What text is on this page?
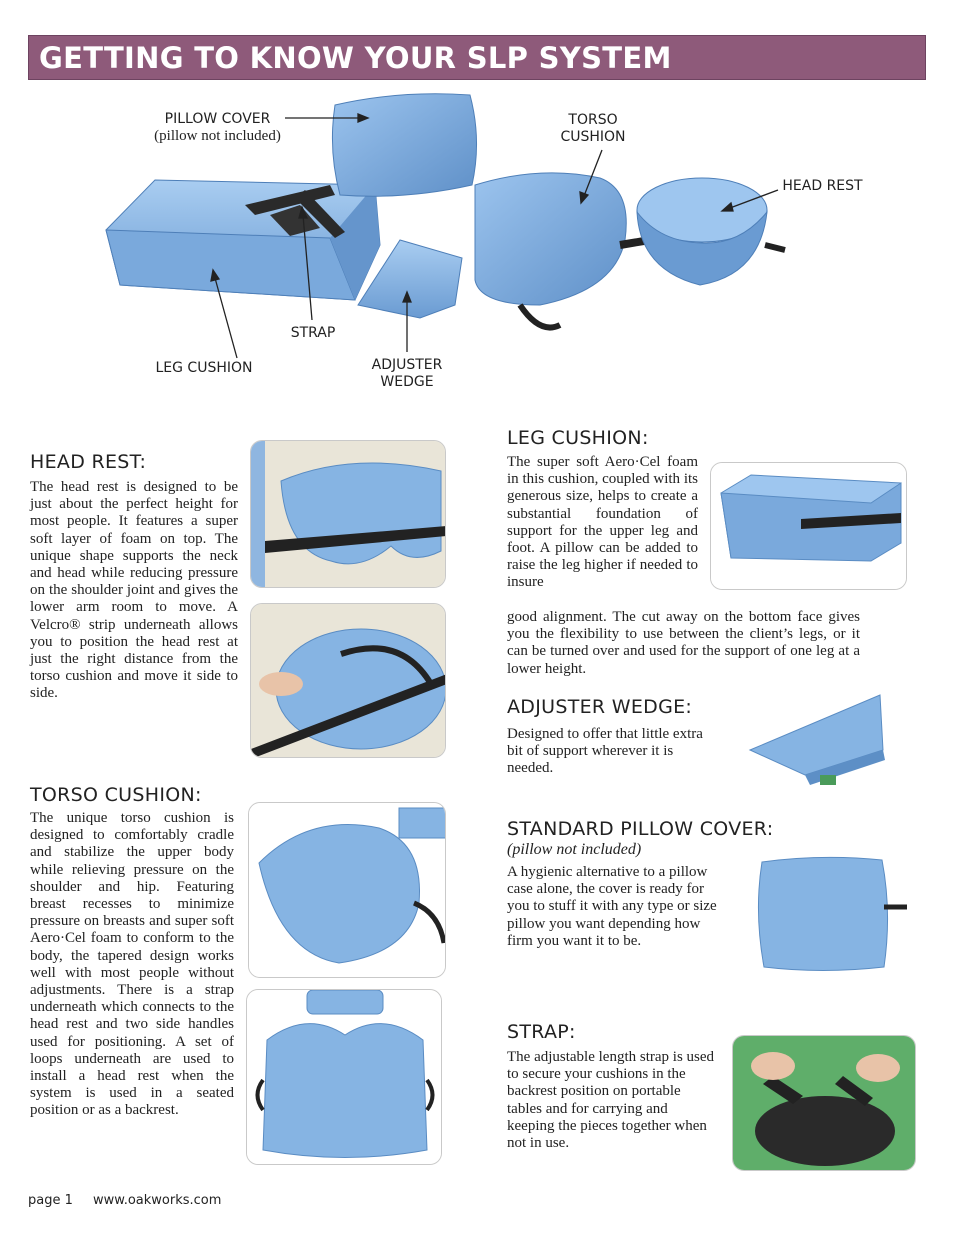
GETTING TO KNOW YOUR SLP SYSTEM
PILLOW COVER
(pillow not included)
TORSO
CUSHION
HEAD REST
STRAP
LEG CUSHION	ADJUSTER
WEDGE
HEAD REST:
The head rest is designed to be just about the perfect height for most people. It features a super soft layer of foam on top. The unique shape supports the neck and head while reducing pressure on the shoulder joint and gives the lower arm room to move. A Velcro® strip underneath allows you to position the head rest at just the right distance from the torso cushion and move it side to side.
TORSO CUSHION:
The unique torso cushion is designed to comfortably cradle and stabilize the upper body while relieving pressure on the shoulder and hip. Featuring breast recesses to minimize pressure on breasts and super soft Aero·Cel foam to conform to the body, the tapered design works well with most people without adjustments. There is a strap underneath which connects to the head rest and two side handles used for positioning. A set of loops underneath are used to install a head rest when the system is used in a seated position or as a backrest.
LEG CUSHION:
The super soft Aero·Cel foam in this cushion, coupled with its generous size, helps to create a substantial foundation of support for the upper leg and foot. A pillow can be added to raise the leg higher if needed to insure
good alignment. The cut away on the bottom face gives you the flexibility to use between the client’s legs, or it can be turned over and used for the support of one leg at a lower height.
ADJUSTER WEDGE:
Designed to offer that little extra bit of support wherever it is needed.
STANDARD PILLOW COVER:
(pillow not included)
A hygienic alternative to a pillow case alone, the cover is ready for you to stuff it with any type or size pillow you want depending how firm you want it to be.
STRAP:
The adjustable length strap is used to secure your cushions in the backrest position on portable tables and for carrying and keeping the pieces together when not in use.
page 1 www.oakworks.com
